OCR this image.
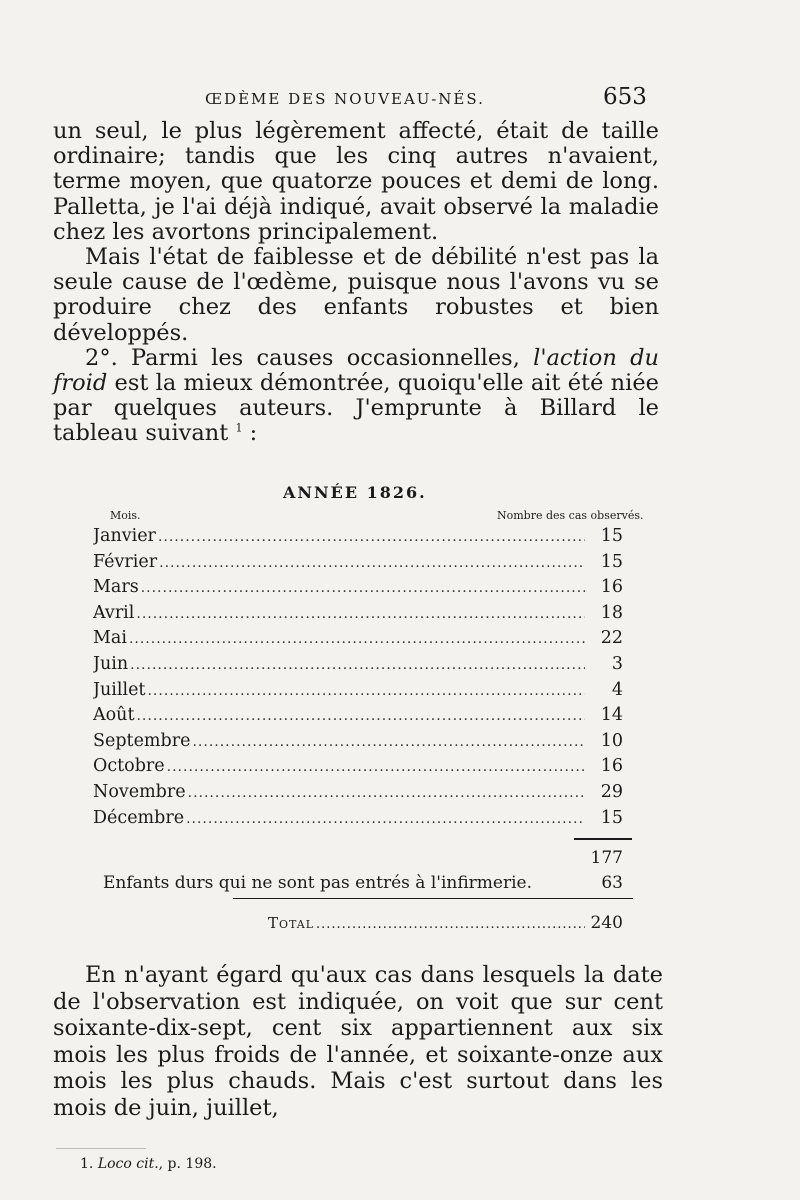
ŒDÈME DES NOUVEAU-NÉS.	653

un seul, le plus légèrement affecté, était de taille ordinaire; tandis que les cinq autres n'avaient, terme moyen, que quatorze pouces et demi de long. Palletta, je l'ai déjà indiqué, avait observé la maladie chez les avortons principalement.

Mais l'état de faiblesse et de débilité n'est pas la seule cause de l'œdème, puisque nous l'avons vu se produire chez des enfants robustes et bien développés.

2°. Parmi les causes occasionnelles, l'action du froid est la mieux démontrée, quoiqu'elle ait été niée par quelques auteurs. J'emprunte à Billard le tableau suivant $^1$ :

ANNÉE 1826.
Mois.	Nombre des cas observés.
Janvier .....	15
Février .....	15
Mars .....	16
Avril .....	18
Mai .....	22
Juin .....	3
Juillet .....	4
Août .....	14
Septembre .....	10
Octobre .....	16
Novembre .....	29
Décembre .....	15
177
Enfants durs qui ne sont pas entrés à l'infirmerie.	63
Total .....	240

En n'ayant égard qu'aux cas dans lesquels la date de l'observation est indiquée, on voit que sur cent soixante-dix-sept, cent six appartiennent aux six mois les plus froids de l'année, et soixante-onze aux mois les plus chauds. Mais c'est surtout dans les mois de juin, juillet,

1. Loco cit., p. 198.
